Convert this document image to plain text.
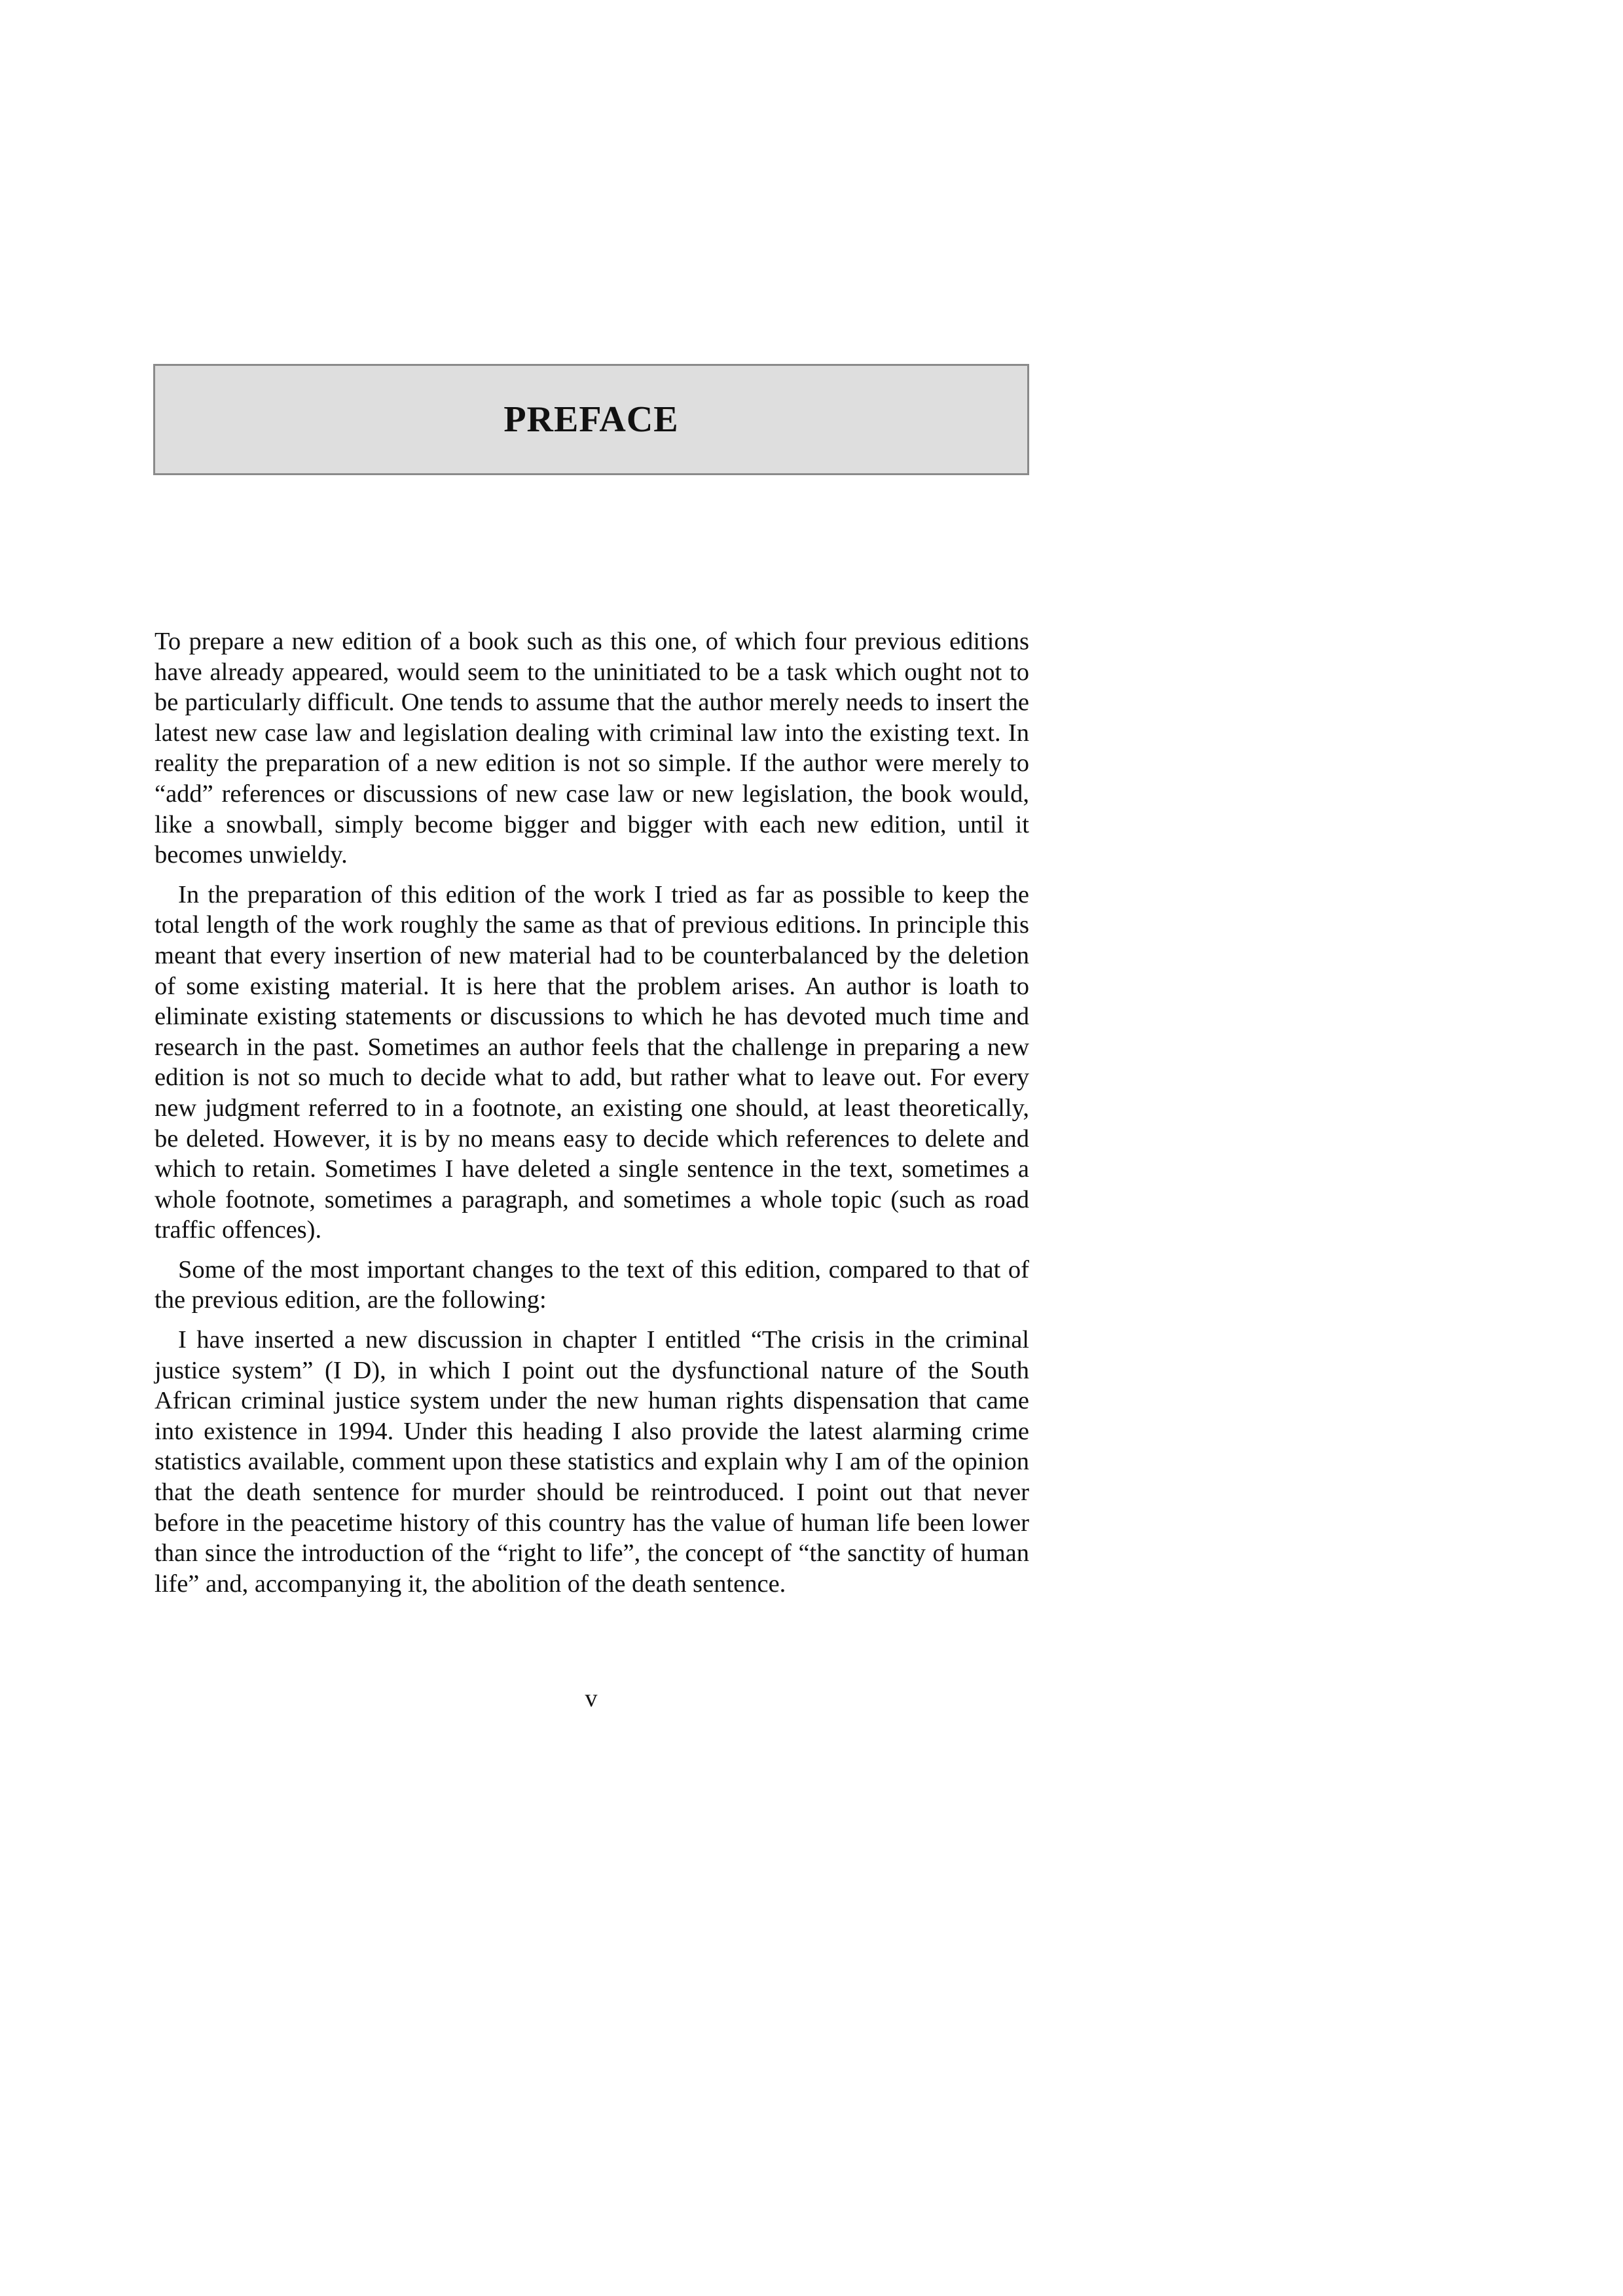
PREFACE

To prepare a new edition of a book such as this one, of which four previous editions have already appeared, would seem to the uninitiated to be a task which ought not to be particularly difficult. One tends to assume that the author merely needs to insert the latest new case law and legislation dealing with criminal law into the existing text. In reality the preparation of a new edition is not so simple. If the author were merely to “add” references or discussions of new case law or new legislation, the book would, like a snowball, simply become bigger and bigger with each new edition, until it becomes unwieldy.

In the preparation of this edition of the work I tried as far as possible to keep the total length of the work roughly the same as that of previous editions. In principle this meant that every insertion of new material had to be counterbalanced by the deletion of some existing material. It is here that the problem arises. An author is loath to eliminate existing statements or discussions to which he has devoted much time and research in the past. Sometimes an author feels that the challenge in preparing a new edition is not so much to decide what to add, but rather what to leave out. For every new judgment referred to in a footnote, an existing one should, at least theoretically, be deleted. However, it is by no means easy to decide which references to delete and which to retain. Sometimes I have deleted a single sentence in the text, sometimes a whole footnote, sometimes a paragraph, and sometimes a whole topic (such as road traffic offences).

Some of the most important changes to the text of this edition, compared to that of the previous edition, are the following:

I have inserted a new discussion in chapter I entitled “The crisis in the criminal justice system” (I D), in which I point out the dysfunctional nature of the South African criminal justice system under the new human rights dispensation that came into existence in 1994. Under this heading I also provide the latest alarming crime statistics available, comment upon these statistics and explain why I am of the opinion that the death sentence for murder should be reintroduced. I point out that never before in the peacetime history of this country has the value of human life been lower than since the introduction of the “right to life”, the concept of “the sanctity of human life” and, accompanying it, the abolition of the death sentence.

v
